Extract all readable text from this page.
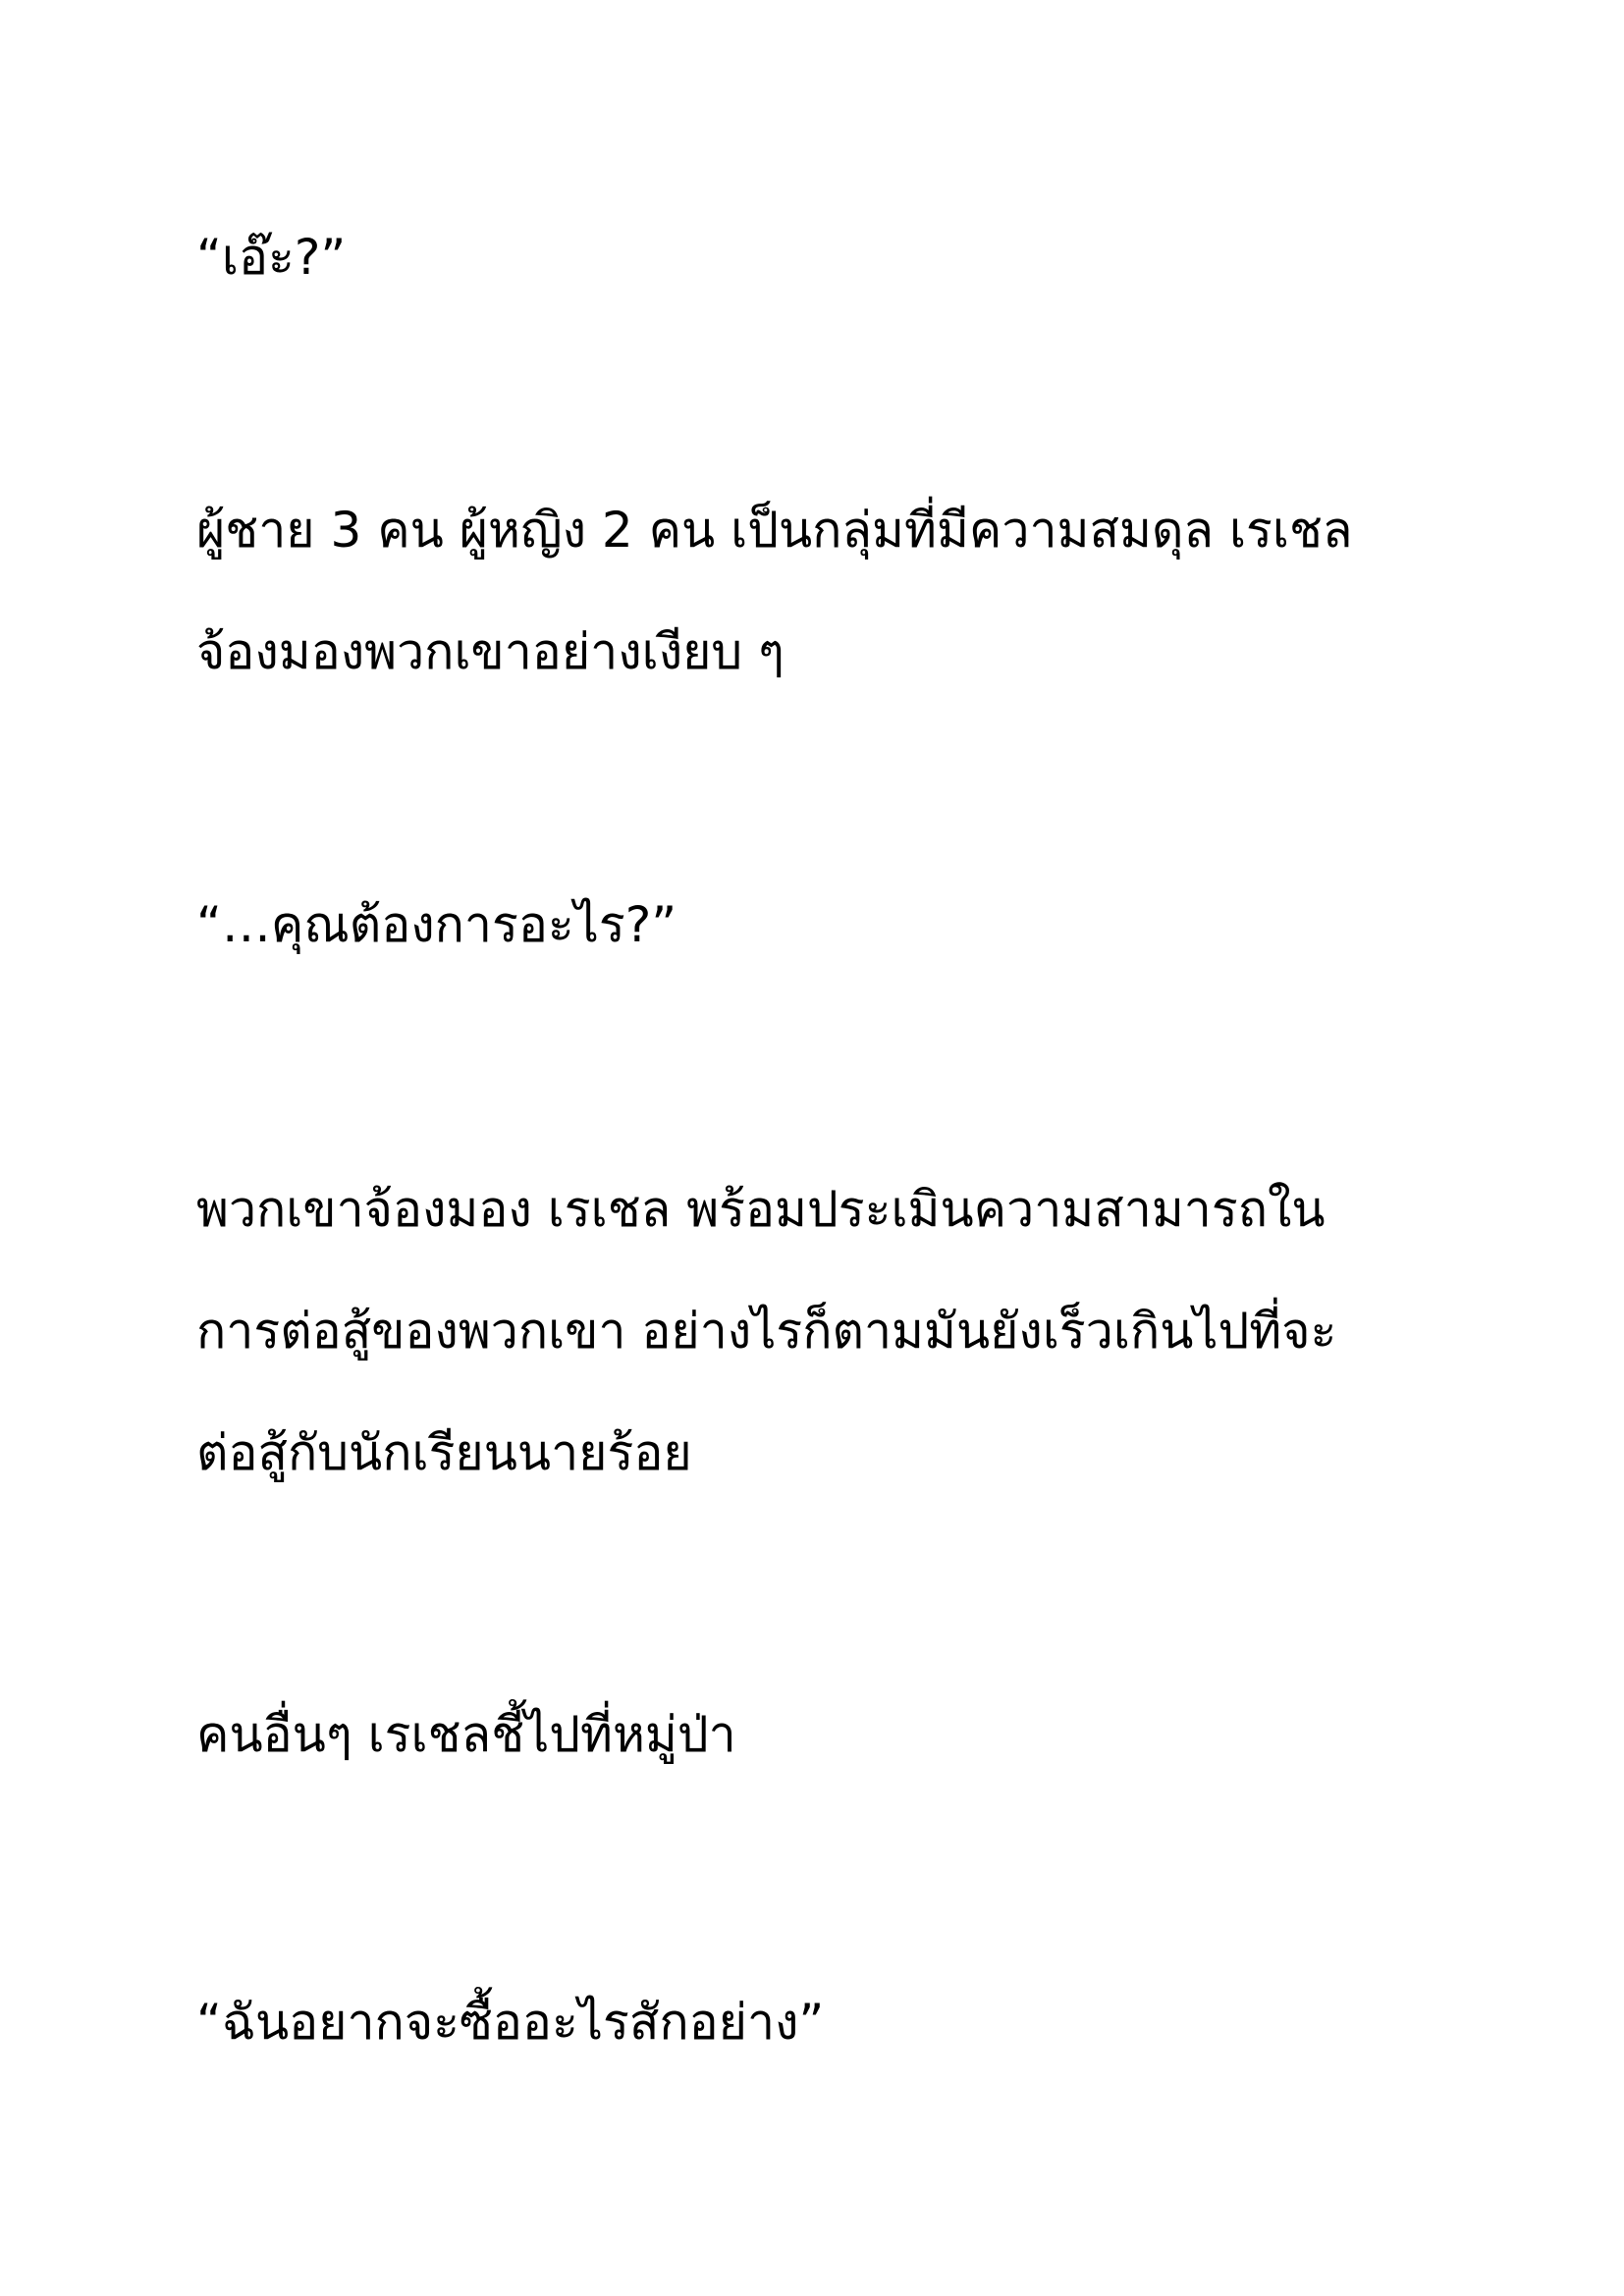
“เอ๊ะ?”

ผู้ชาย 3 คน ผู้หญิง 2 คน เป็นกลุ่มที่มีความสมดุล เรเชล
จ้องมองพวกเขาอย่างเงียบ ๆ

“…คุณต้องการอะไร?”

พวกเขาจ้องมอง เรเชล พร้อมประเมินความสามารถใน
การต่อสู้ของพวกเขา อย่างไรก็ตามมันยังเร็วเกินไปที่จะ
ต่อสู้กับนักเรียนนายร้อย

คนอื่นๆ เรเชลชี้ไปที่หมู่ป่า

“ฉันอยากจะซื้ออะไรสักอย่าง”
